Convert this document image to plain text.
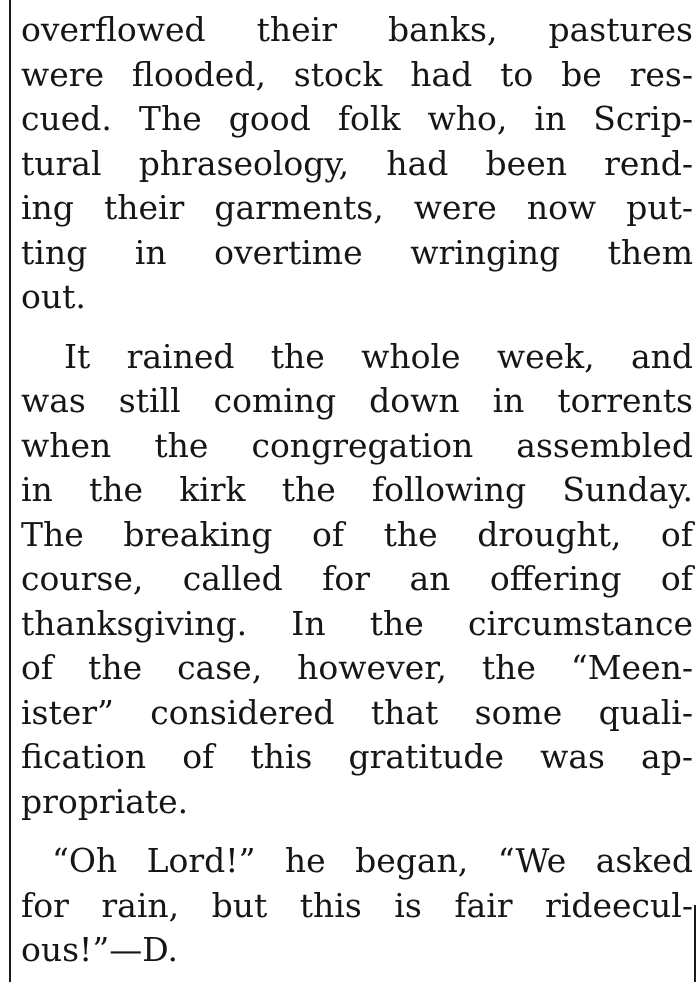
overflowed their banks, pastures
were flooded, stock had to be res-
cued. The good folk who, in Scrip-
tural phraseology, had been rend-
ing their garments, were now put-
ting in overtime wringing them
out.
It rained the whole week, and
was still coming down in torrents
when the congregation assembled
in the kirk the following Sunday.
The breaking of the drought, of
course, called for an offering of
thanksgiving. In the circumstance
of the case, however, the “Meen-
ister” considered that some quali-
fication of this gratitude was ap-
propriate.
“Oh Lord!” he began, “We asked
for rain, but this is fair rideecul-
ous!”—D.
